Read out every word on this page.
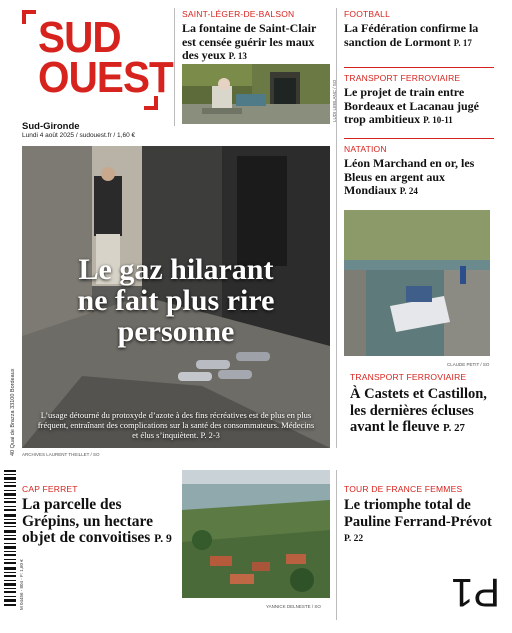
SUD
OUEST
Sud-Gironde
Lundi 4 août 2025 / sudouest.fr / 1,60 €
SAINT-LÉGER-DE-BALSON
La fontaine de Saint-Clair est censée guérir les maux des yeux P. 13
LUDI LEBLANC / SO
FOOTBALL
La Fédération confirme la sanction de Lormont P. 17
TRANSPORT FERROVIAIRE
Le projet de train entre Bordeaux et Lacanau jugé trop ambitieux P. 10-11
NATATION
Léon Marchand en or, les Bleus en argent aux Mondiaux P. 24
Le gaz hilarant
ne fait plus rire
personne
L’usage détourné du protoxyde d’azote à des fins récréatives est de plus en plus fréquent, entraînant des complications sur la santé des consommateurs. Médecins et élus s’inquiètent. P. 2-3
ARCHIVES LAURENT THEILLET / SO
CLAUDE PETIT / SO
TRANSPORT FERROVIAIRE
À Castets et Castillon, les dernières écluses avant le fleuve P. 27
40 Quai de Brazza 33100 Bordeaux
M 04456 - 804 - F: 1,60 €
CAP FERRET
La parcelle des Grépins, un hectare objet de convoitises P. 9
YANNICK DELNESTE / SO
TOUR DE FRANCE FEMMES
Le triomphe total de Pauline Ferrand-Prévot
P. 22
P1
